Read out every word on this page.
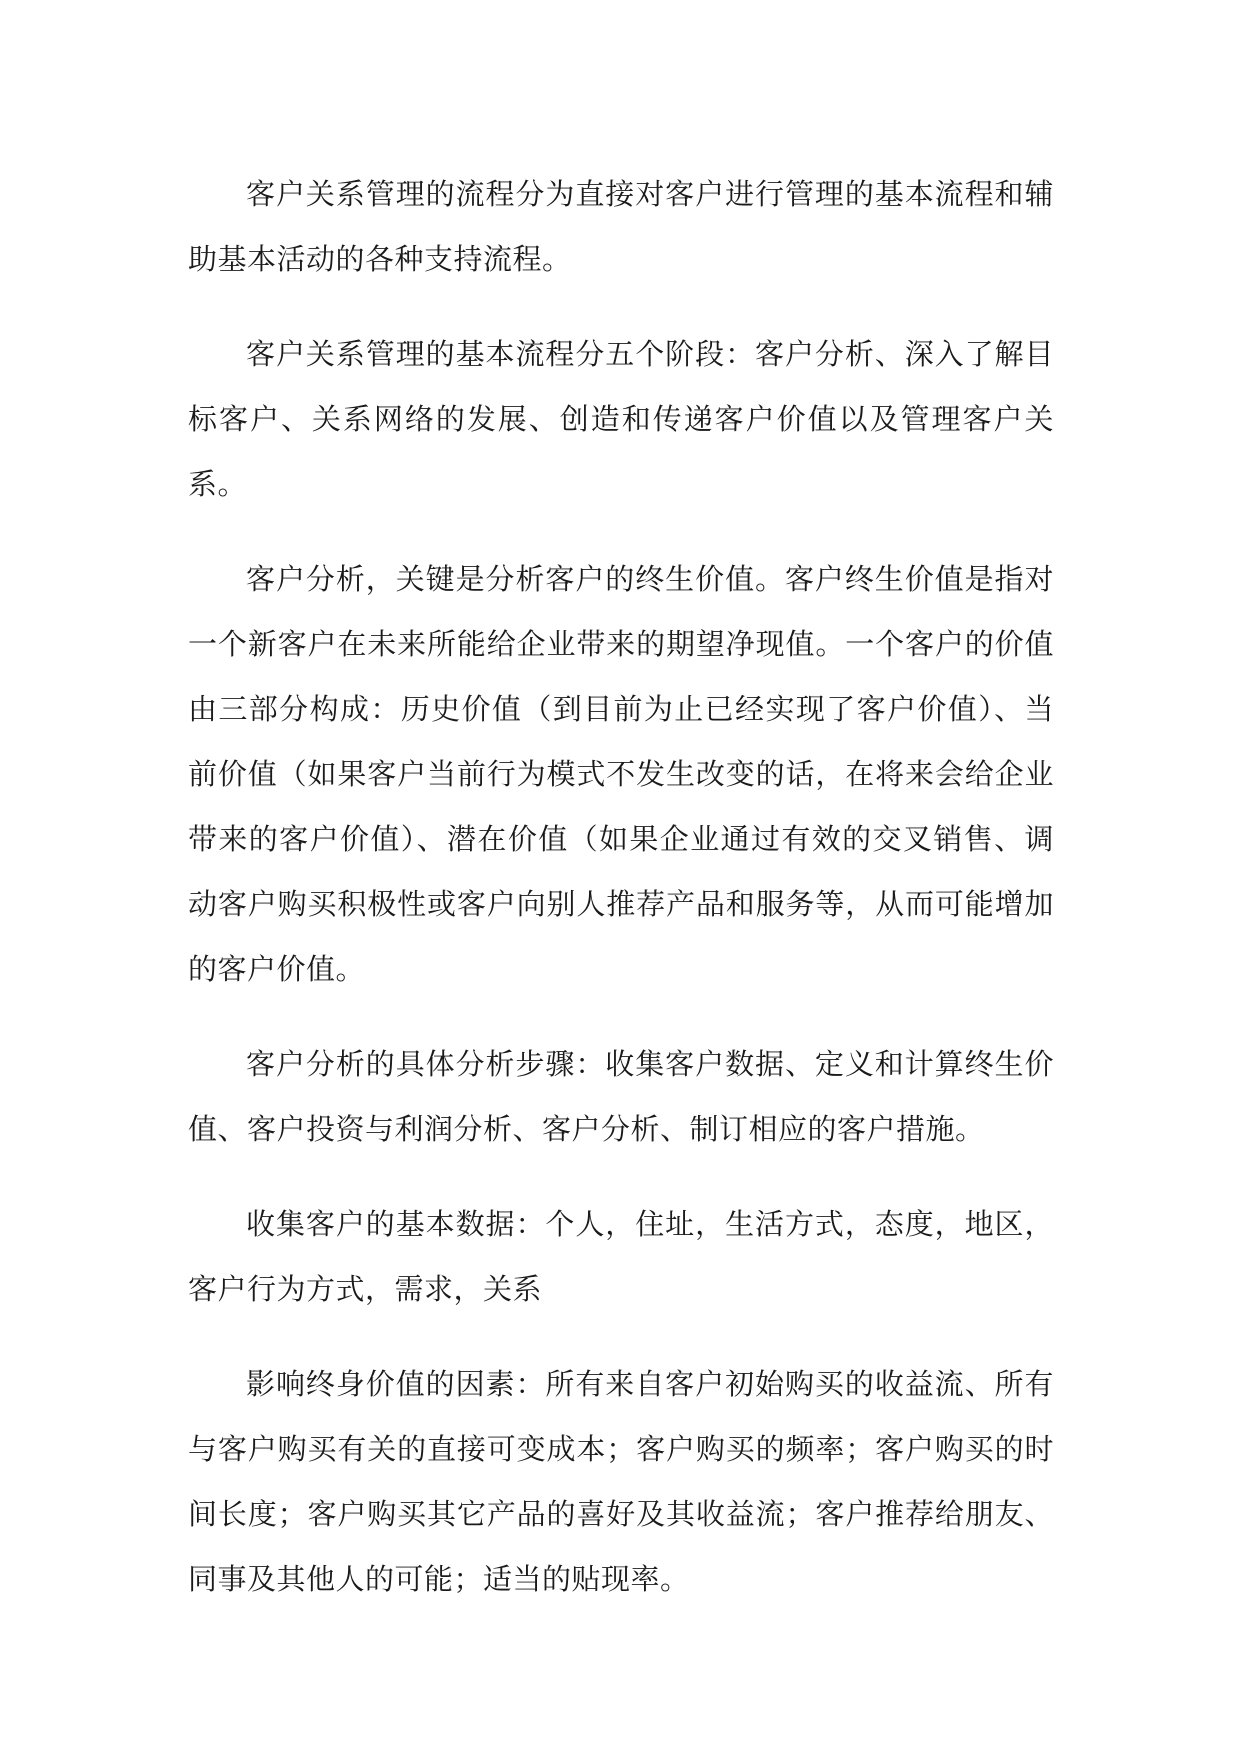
客户关系管理的流程分为直接对客户进行管理的基本流程和辅助基本活动的各种支持流程。

客户关系管理的基本流程分五个阶段：客户分析、深入了解目标客户、关系网络的发展、创造和传递客户价值以及管理客户关系。

客户分析，关键是分析客户的终生价值。客户终生价值是指对一个新客户在未来所能给企业带来的期望净现值。一个客户的价值由三部分构成：历史价值（到目前为止已经实现了客户价值）、当前价值（如果客户当前行为模式不发生改变的话，在将来会给企业带来的客户价值）、潜在价值（如果企业通过有效的交叉销售、调动客户购买积极性或客户向别人推荐产品和服务等，从而可能增加的客户价值。

客户分析的具体分析步骤：收集客户数据、定义和计算终生价值、客户投资与利润分析、客户分析、制订相应的客户措施。

收集客户的基本数据：个人，住址，生活方式，态度，地区，客户行为方式，需求，关系

影响终身价值的因素：所有来自客户初始购买的收益流、所有与客户购买有关的直接可变成本；客户购买的频率；客户购买的时间长度；客户购买其它产品的喜好及其收益流；客户推荐给朋友、同事及其他人的可能；适当的贴现率。
